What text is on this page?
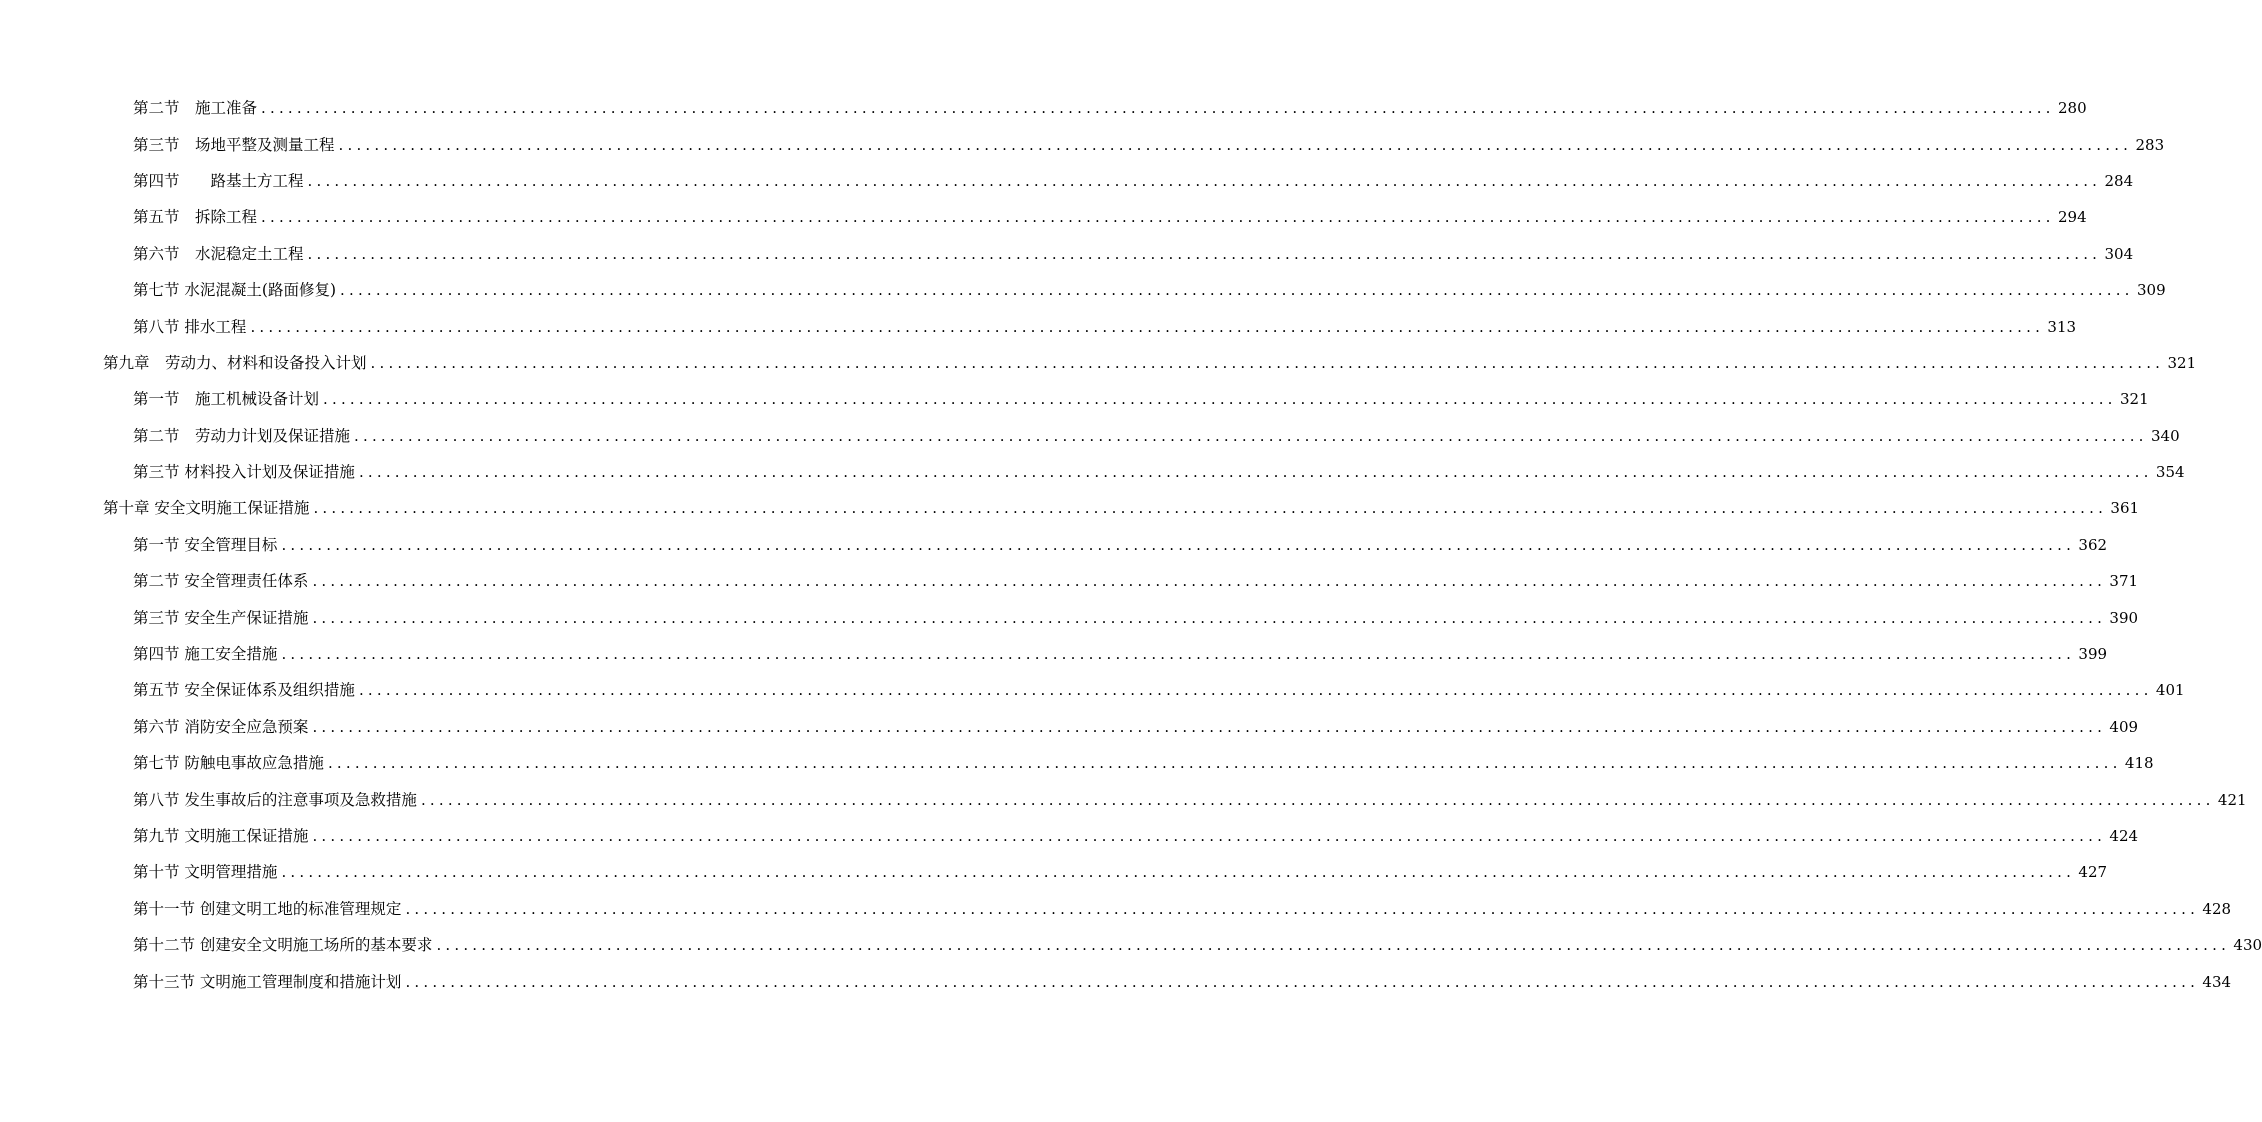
第二节　施工准备 ........................................................................................................................................................................................................ 280
第三节　场地平整及测量工程 ........................................................................................................................................................................................................ 283
第四节　　路基土方工程 ........................................................................................................................................................................................................ 284
第五节　拆除工程 ........................................................................................................................................................................................................ 294
第六节　水泥稳定土工程 ........................................................................................................................................................................................................ 304
第七节 水泥混凝土(路面修复) ........................................................................................................................................................................................................ 309
第八节 排水工程 ........................................................................................................................................................................................................ 313
第九章　劳动力、材料和设备投入计划 ........................................................................................................................................................................................................ 321
第一节　施工机械设备计划 ........................................................................................................................................................................................................ 321
第二节　劳动力计划及保证措施 ........................................................................................................................................................................................................ 340
第三节 材料投入计划及保证措施 ........................................................................................................................................................................................................ 354
第十章 安全文明施工保证措施 ........................................................................................................................................................................................................ 361
第一节 安全管理目标 ........................................................................................................................................................................................................ 362
第二节 安全管理责任体系 ........................................................................................................................................................................................................ 371
第三节 安全生产保证措施 ........................................................................................................................................................................................................ 390
第四节 施工安全措施 ........................................................................................................................................................................................................ 399
第五节 安全保证体系及组织措施 ........................................................................................................................................................................................................ 401
第六节 消防安全应急预案 ........................................................................................................................................................................................................ 409
第七节 防触电事故应急措施 ........................................................................................................................................................................................................ 418
第八节 发生事故后的注意事项及急救措施 ........................................................................................................................................................................................................ 421
第九节 文明施工保证措施 ........................................................................................................................................................................................................ 424
第十节 文明管理措施 ........................................................................................................................................................................................................ 427
第十一节 创建文明工地的标准管理规定 ........................................................................................................................................................................................................ 428
第十二节 创建安全文明施工场所的基本要求 ........................................................................................................................................................................................................ 430
第十三节 文明施工管理制度和措施计划 ........................................................................................................................................................................................................ 434
